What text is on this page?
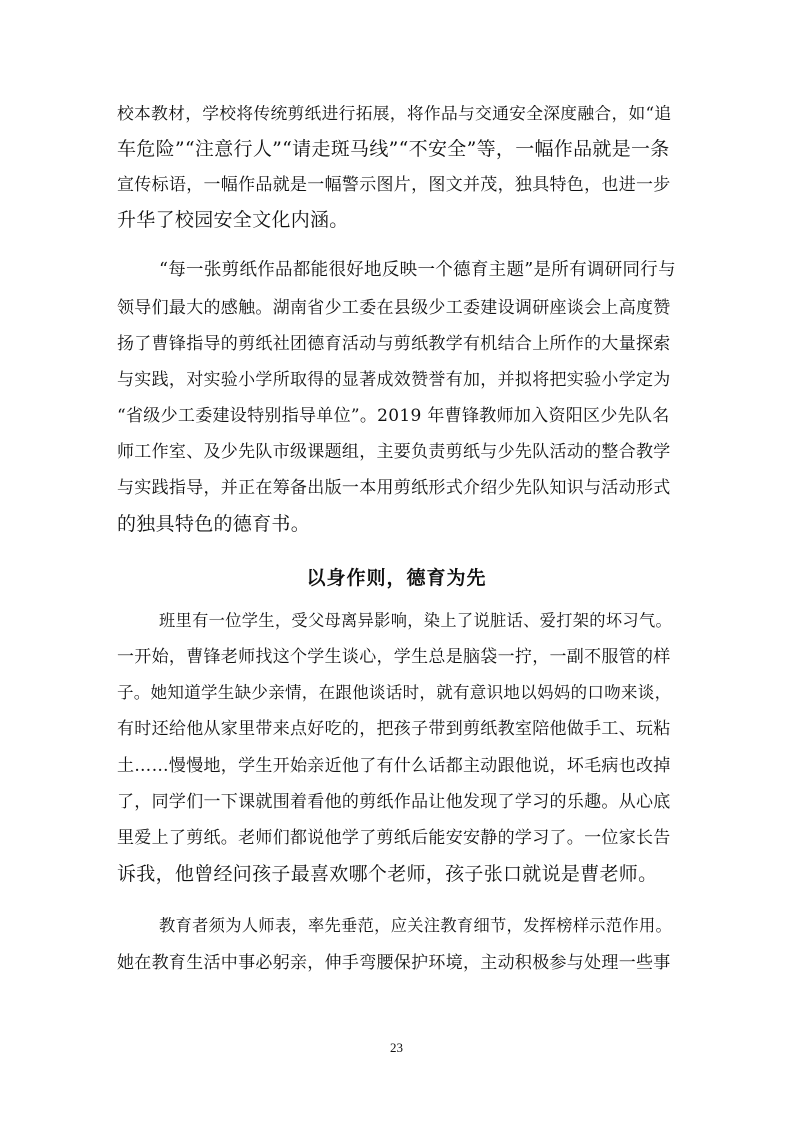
校本教材，学校将传统剪纸进行拓展，将作品与交通安全深度融合，如“追

车危险”“注意行人”“请走斑马线”“不安全”等，一幅作品就是一条

宣传标语，一幅作品就是一幅警示图片，图文并茂，独具特色，也进一步

升华了校园安全文化内涵。

“每一张剪纸作品都能很好地反映一个德育主题”是所有调研同行与

领导们最大的感触。湖南省少工委在县级少工委建设调研座谈会上高度赞

扬了曹锋指导的剪纸社团德育活动与剪纸教学有机结合上所作的大量探索

与实践，对实验小学所取得的显著成效赞誉有加，并拟将把实验小学定为

“省级少工委建设特别指导单位”。2019 年曹锋教师加入资阳区少先队名

师工作室、及少先队市级课题组，主要负责剪纸与少先队活动的整合教学

与实践指导，并正在筹备出版一本用剪纸形式介绍少先队知识与活动形式

的独具特色的德育书。

以身作则，德育为先

班里有一位学生，受父母离异影响，染上了说脏话、爱打架的坏习气。

一开始，曹锋老师找这个学生谈心，学生总是脑袋一拧，一副不服管的样

子。她知道学生缺少亲情，在跟他谈话时，就有意识地以妈妈的口吻来谈，

有时还给他从家里带来点好吃的，把孩子带到剪纸教室陪他做手工、玩粘

土……慢慢地，学生开始亲近他了有什么话都主动跟他说，坏毛病也改掉

了，同学们一下课就围着看他的剪纸作品让他发现了学习的乐趣。从心底

里爱上了剪纸。老师们都说他学了剪纸后能安安静的学习了。一位家长告

诉我，他曾经问孩子最喜欢哪个老师，孩子张口就说是曹老师。

教育者须为人师表，率先垂范，应关注教育细节，发挥榜样示范作用。

她在教育生活中事必躬亲，伸手弯腰保护环境，主动积极参与处理一些事

23
